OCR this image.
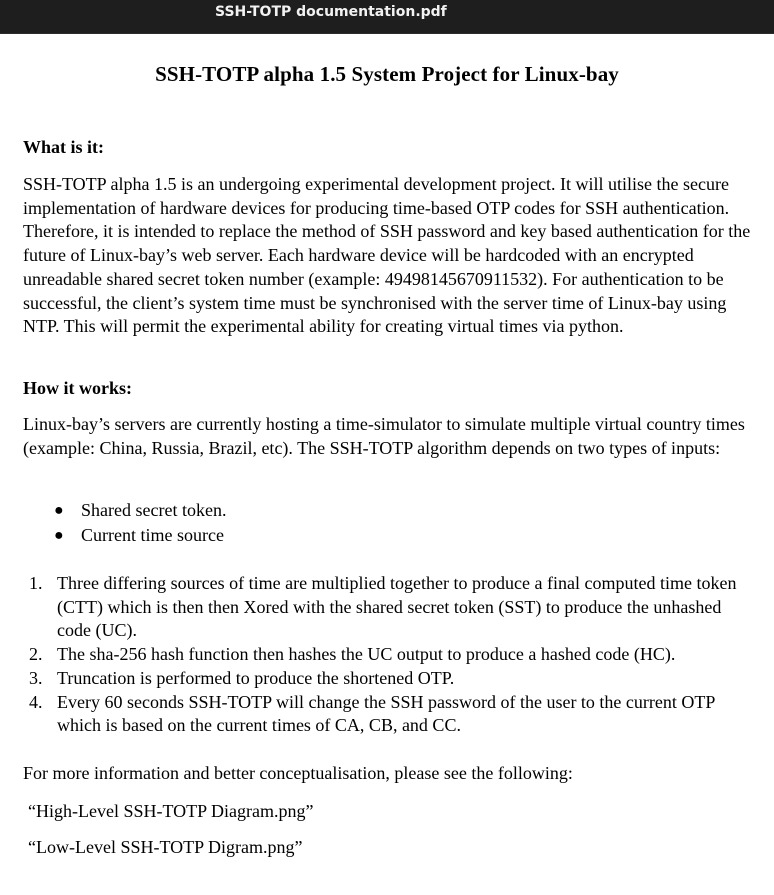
SSH-TOTP documentation.pdf
SSH-TOTP alpha 1.5 System Project for Linux-bay

What is it:

SSH-TOTP alpha 1.5 is an undergoing experimental development project. It will utilise the secure implementation of hardware devices for producing time-based OTP codes for SSH authentication. Therefore, it is intended to replace the method of SSH password and key based authentication for the future of Linux-bay’s web server. Each hardware device will be hardcoded with an encrypted unreadable shared secret token number (example: 49498145670911532). For authentication to be successful, the client’s system time must be synchronised with the server time of Linux-bay using NTP. This will permit the experimental ability for creating virtual times via python.

How it works:

Linux-bay’s servers are currently hosting a time-simulator to simulate multiple virtual country times (example: China, Russia, Brazil, etc). The SSH-TOTP algorithm depends on two types of inputs:

● Shared secret token.
● Current time source
1. Three differing sources of time are multiplied together to produce a final computed time token (CTT) which is then then Xored with the shared secret token (SST) to produce the unhashed code (UC).
2. The sha-256 hash function then hashes the UC output to produce a hashed code (HC).
3. Truncation is performed to produce the shortened OTP.
4. Every 60 seconds SSH-TOTP will change the SSH password of the user to the current OTP which is based on the current times of CA, CB, and CC.

For more information and better conceptualisation, please see the following:

“High-Level SSH-TOTP Diagram.png”

“Low-Level SSH-TOTP Digram.png”
